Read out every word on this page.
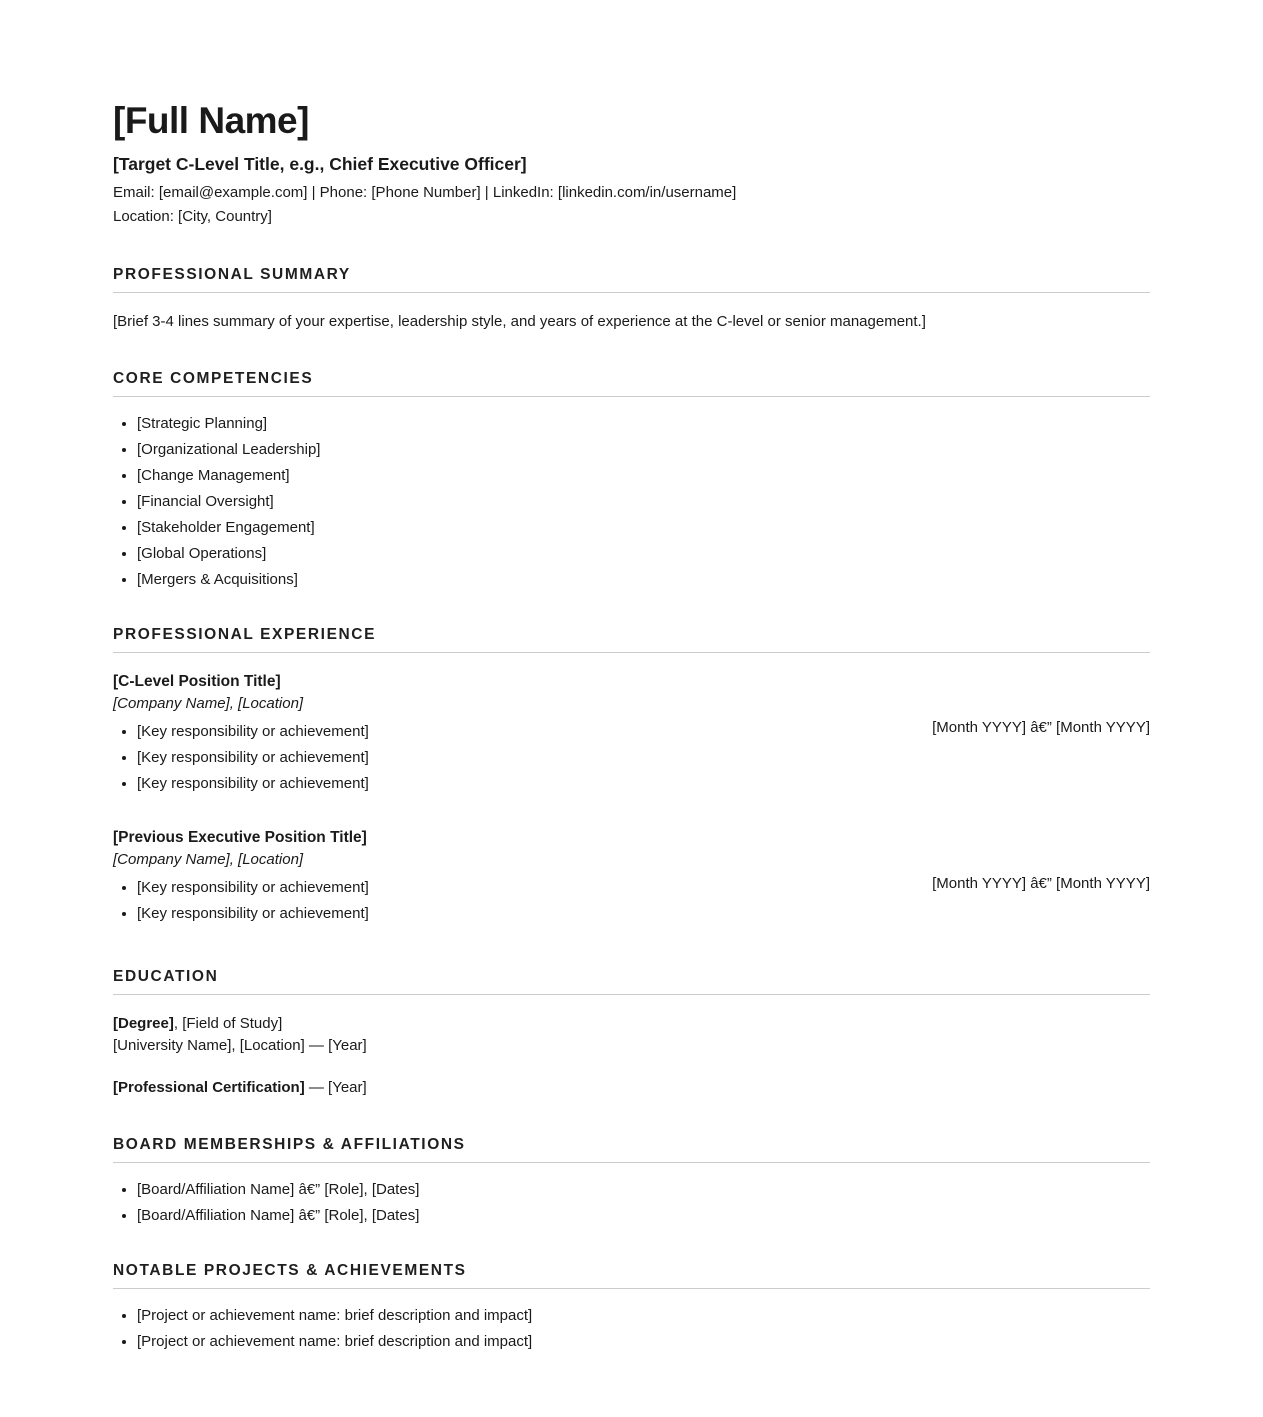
[Full Name]
[Target C-Level Title, e.g., Chief Executive Officer]
Email: [email@example.com] | Phone: [Phone Number] | LinkedIn: [linkedin.com/in/username]
Location: [City, Country]
PROFESSIONAL SUMMARY
[Brief 3-4 lines summary of your expertise, leadership style, and years of experience at the C-level or senior management.]
CORE COMPETENCIES
• [Strategic Planning]
• [Organizational Leadership]
• [Change Management]
• [Financial Oversight]
• [Stakeholder Engagement]
• [Global Operations]
• [Mergers & Acquisitions]
PROFESSIONAL EXPERIENCE
[C-Level Position Title]
[Company Name], [Location]
[Month YYYY] â€” [Month YYYY]
• [Key responsibility or achievement]
• [Key responsibility or achievement]
• [Key responsibility or achievement]
[Previous Executive Position Title]
[Company Name], [Location]
[Month YYYY] â€” [Month YYYY]
• [Key responsibility or achievement]
• [Key responsibility or achievement]
EDUCATION
[Degree], [Field of Study]
[University Name], [Location] — [Year]
[Professional Certification] — [Year]
BOARD MEMBERSHIPS & AFFILIATIONS
• [Board/Affiliation Name] â€” [Role], [Dates]
• [Board/Affiliation Name] â€” [Role], [Dates]
NOTABLE PROJECTS & ACHIEVEMENTS
• [Project or achievement name: brief description and impact]
• [Project or achievement name: brief description and impact]
